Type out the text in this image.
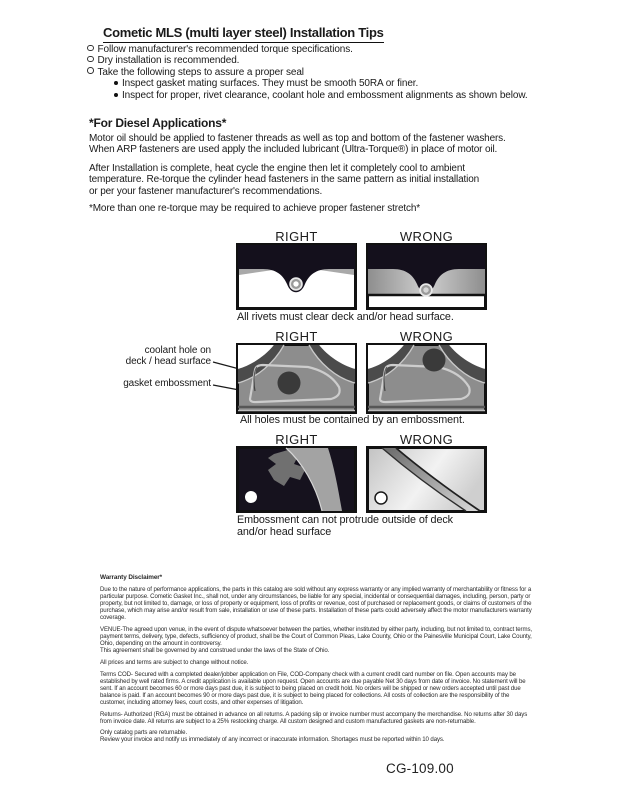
Cometic MLS (multi layer steel) Installation Tips
Follow manufacturer's recommended torque specifications.
Dry installation is recommended.
Take the following steps to assure a proper seal
Inspect gasket mating surfaces. They must be smooth 50RA or finer.
Inspect for proper, rivet clearance, coolant hole and embossment alignments as shown below.
*For Diesel Applications*
Motor oil should be applied to fastener threads as well as top and bottom of the fastener washers.
When ARP fasteners are used apply the included lubricant (Ultra-Torque®) in place of motor oil.
After Installation is complete, heat cycle the engine then let it completely cool to ambient
temperature. Re-torque the cylinder head fasteners in the same pattern as initial installation
or per your fastener manufacturer's recommendations.
*More than one re-torque may be required to achieve proper fastener stretch*
RIGHT	WRONG
All rivets must clear deck and/or head surface.
coolant hole on
deck / head surface
gasket embossment
RIGHT	WRONG
All holes must be contained by an embossment.
RIGHT	WRONG
Embossment can not protrude outside of deck
and/or head surface
Warranty Disclaimer*

Due to the nature of performance applications, the parts in this catalog are sold without any express warranty or any implied warranty of merchantability or fitness for a particular purpose. Cometic Gasket Inc., shall not, under any circumstances, be liable for any special, incidental or consequential damages, including, person, party or property, but not limited to, damage, or loss of property or equipment, loss of profits or revenue, cost of purchased or replacement goods, or claims of customers of the purchase, which may arise and/or result from sale, installation or use of these parts. Installation of these parts could adversely affect the motor manufacturers warranty coverage.

VENUE-The agreed upon venue, in the event of dispute whatsoever between the parties, whether instituted by either party, including, but not limited to, contract terms, payment terms, delivery, type, defects, sufficiency of product, shall be the Court of Common Pleas, Lake County, Ohio or the Painesville Municipal Court, Lake County, Ohio, depending on the amount in controversy.

This agreement shall be governed by and construed under the laws of the State of Ohio.

All prices and terms are subject to change without notice.

Terms COD- Secured with a completed dealer/jobber application on File, COD-Company check with a current credit card number on file. Open accounts may be established by well rated firms. A credit application is available upon request. Open accounts are due payable Net 30 days from date of invoice. No statement will be sent. If an account becomes 60 or more days past due, it is subject to being placed on credit hold. No orders will be shipped or new orders accepted until past due balance is paid. If an account becomes 90 or more days past due, it is subject to being placed for collections. All costs of collection are the responsibility of the customer, including attorney fees, court costs, and other expenses of litigation.

Returns- Authorized (RGA) must be obtained in advance on all returns. A packing slip or invoice number must accompany the merchandise. No returns after 30 days from invoice date. All returns are subject to a 25% restocking charge. All custom designed and custom manufactured gaskets are non-returnable.

Only catalog parts are returnable.

Review your invoice and notify us immediately of any incorrect or inaccurate information. Shortages must be reported within 10 days.

CG-109.00
